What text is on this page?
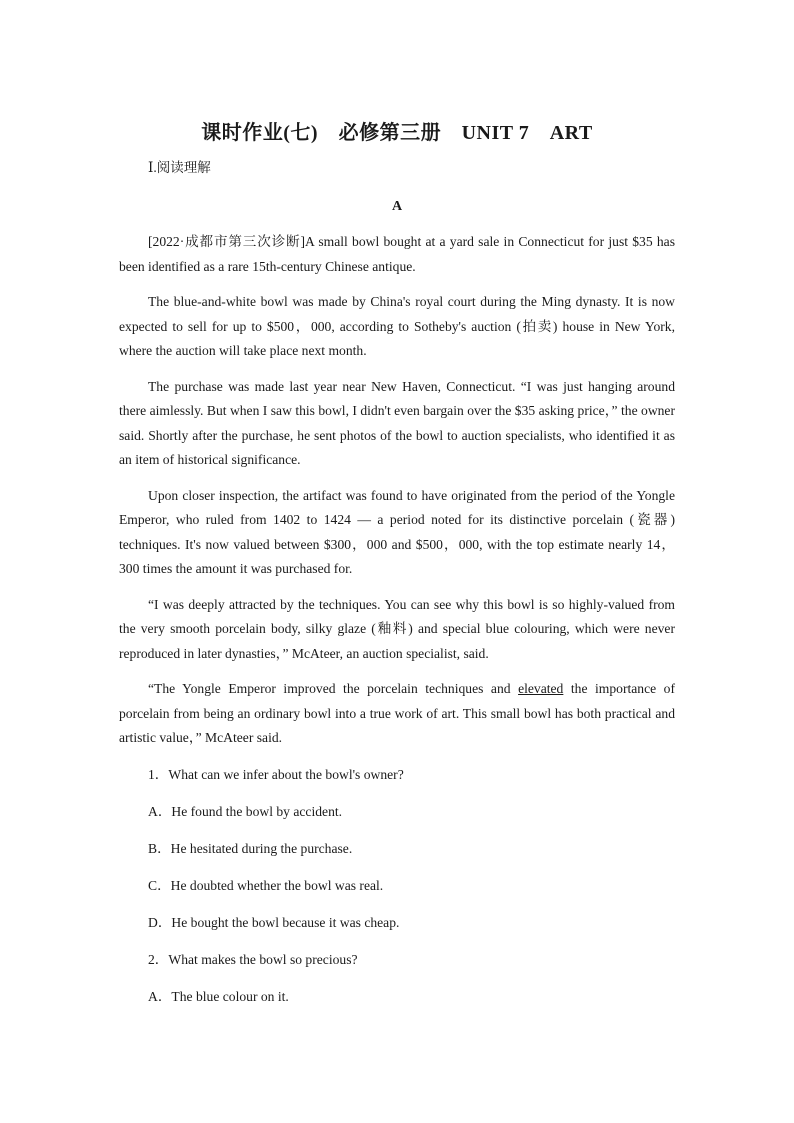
课时作业(七)　必修第三册　UNIT 7　ART
Ⅰ.阅读理解
A

[2022·成都市第三次诊断]A small bowl bought at a yard sale in Connecticut for just $35 has been identified as a rare 15th-century Chinese antique.

The blue-and-white bowl was made by China's royal court during the Ming dynasty. It is now expected to sell for up to $500，000, according to Sotheby's auction (拍卖) house in New York, where the auction will take place next month.

The purchase was made last year near New Haven, Connecticut. “I was just hanging around there aimlessly. But when I saw this bowl, I didn't even bargain over the $35 asking price，” the owner said. Shortly after the purchase, he sent photos of the bowl to auction specialists, who identified it as an item of historical significance.

Upon closer inspection, the artifact was found to have originated from the period of the Yongle Emperor, who ruled from 1402 to 1424 — a period noted for its distinctive porcelain (瓷器) techniques. It's now valued between $300，000 and $500，000, with the top estimate nearly 14，300 times the amount it was purchased for.

“I was deeply attracted by the techniques. You can see why this bowl is so highly-valued from the very smooth porcelain body, silky glaze (釉料) and special blue colouring, which were never reproduced in later dynasties，” McAteer, an auction specialist, said.

“The Yongle Emperor improved the porcelain techniques and elevated the importance of porcelain from being an ordinary bowl into a true work of art. This small bowl has both practical and artistic value，” McAteer said.

1．What can we infer about the bowl's owner?
A．He found the bowl by accident.
B．He hesitated during the purchase.
C．He doubted whether the bowl was real.
D．He bought the bowl because it was cheap.
2．What makes the bowl so precious?
A．The blue colour on it.
